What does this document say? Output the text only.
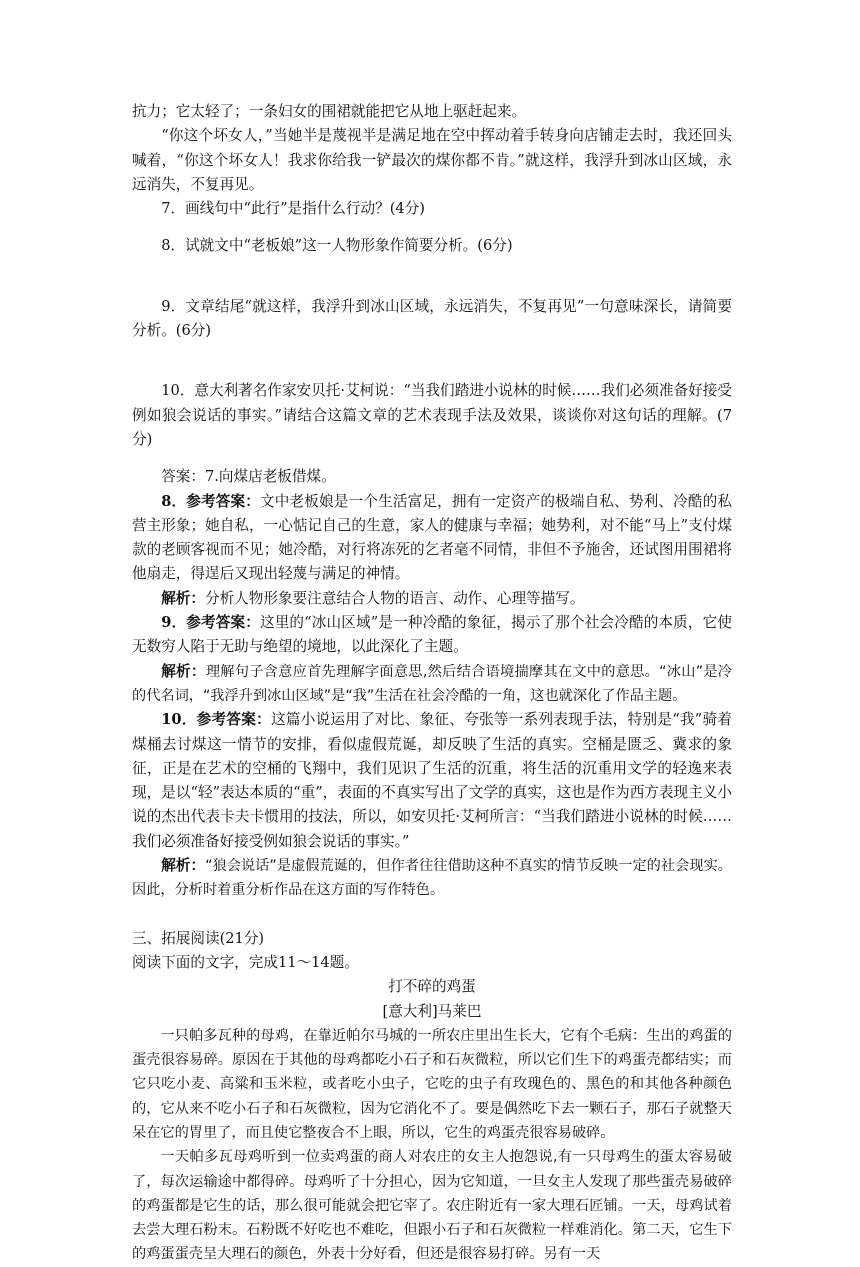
抗力；它太轻了；一条妇女的围裙就能把它从地上驱赶起来。

“你这个坏女人，”当她半是蔑视半是满足地在空中挥动着手转身向店铺走去时，我还回头喊着，“你这个坏女人！我求你给我一铲最次的煤你都不肯。”就这样，我浮升到冰山区域，永远消失，不复再见。

7．画线句中“此行”是指什么行动？(4分)

8．试就文中“老板娘”这一人物形象作简要分析。(6分)

9．文章结尾“就这样，我浮升到冰山区域，永远消失，不复再见”一句意味深长，请简要分析。(6分)

10．意大利著名作家安贝托·艾柯说：“当我们踏进小说林的时候……我们必须准备好接受例如狼会说话的事实。”请结合这篇文章的艺术表现手法及效果，谈谈你对这句话的理解。(7分)

答案：7.向煤店老板借煤。

8．参考答案：文中老板娘是一个生活富足，拥有一定资产的极端自私、势利、冷酷的私营主形象；她自私，一心惦记自己的生意，家人的健康与幸福；她势利，对不能“马上”支付煤款的老顾客视而不见；她冷酷，对行将冻死的乞者毫不同情，非但不予施舍，还试图用围裙将他扇走，得逞后又现出轻蔑与满足的神情。

解析：分析人物形象要注意结合人物的语言、动作、心理等描写。

9．参考答案：这里的“冰山区域”是一种冷酷的象征，揭示了那个社会冷酷的本质，它使无数穷人陷于无助与绝望的境地，以此深化了主题。

解析：理解句子含意应首先理解字面意思,然后结合语境揣摩其在文中的意思。“冰山”是冷的代名词，“我浮升到冰山区域”是“我”生活在社会冷酷的一角，这也就深化了作品主题。

10．参考答案：这篇小说运用了对比、象征、夸张等一系列表现手法，特别是“我”骑着煤桶去讨煤这一情节的安排，看似虚假荒诞，却反映了生活的真实。空桶是匮乏、冀求的象征，正是在艺术的空桶的飞翔中，我们见识了生活的沉重，将生活的沉重用文学的轻逸来表现，是以“轻”表达本质的“重”，表面的不真实写出了文学的真实，这也是作为西方表现主义小说的杰出代表卡夫卡惯用的技法，所以，如安贝托·艾柯所言：“当我们踏进小说林的时候……我们必须准备好接受例如狼会说话的事实。”

解析：“狼会说话”是虚假荒诞的，但作者往往借助这种不真实的情节反映一定的社会现实。因此，分析时着重分析作品在这方面的写作特色。

三、拓展阅读(21分)

阅读下面的文字，完成11～14题。

打不碎的鸡蛋

[意大利]马莱巴

一只帕多瓦种的母鸡，在靠近帕尔马城的一所农庄里出生长大，它有个毛病：生出的鸡蛋的蛋壳很容易碎。原因在于其他的母鸡都吃小石子和石灰微粒，所以它们生下的鸡蛋壳都结实；而它只吃小麦、高粱和玉米粒，或者吃小虫子，它吃的虫子有玫瑰色的、黑色的和其他各种颜色的，它从来不吃小石子和石灰微粒，因为它消化不了。要是偶然吃下去一颗石子，那石子就整天呆在它的胃里了，而且使它整夜合不上眼，所以，它生的鸡蛋壳很容易破碎。

一天帕多瓦母鸡听到一位卖鸡蛋的商人对农庄的女主人抱怨说,有一只母鸡生的蛋太容易破了，每次运输途中都得碎。母鸡听了十分担心，因为它知道，一旦女主人发现了那些蛋壳易破碎的鸡蛋都是它生的话，那么很可能就会把它宰了。农庄附近有一家大理石匠铺。一天，母鸡试着去尝大理石粉末。石粉既不好吃也不难吃，但跟小石子和石灰微粒一样难消化。第二天，它生下的鸡蛋蛋壳呈大理石的颜色，外表十分好看，但还是很容易打碎。另有一天
